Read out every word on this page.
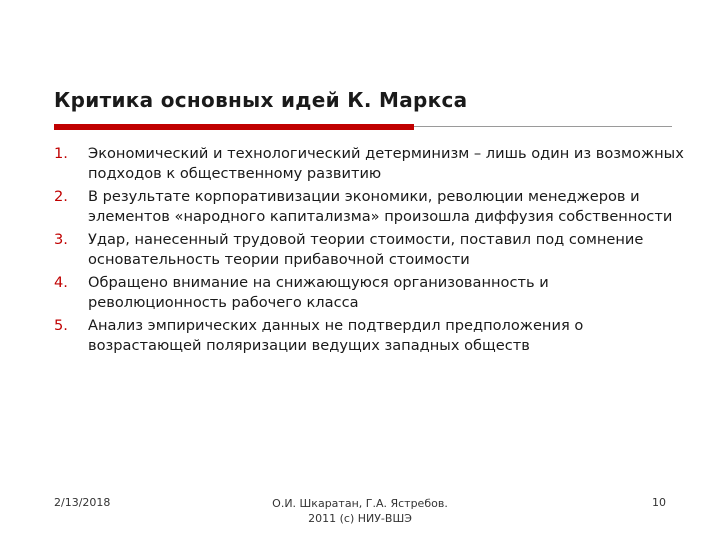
Критика основных идей К. Маркса
1.	Экономический и технологический детерминизм – лишь один из возможных подходов к общественному развитию
2.	В результате корпоративизации экономики, революции менеджеров и элементов «народного капитализма» произошла диффузия собственности
3.	Удар, нанесенный трудовой теории стоимости, поставил под сомнение основательность теории прибавочной стоимости
4.	Обращено внимание на снижающуюся организованность и революционность рабочего класса
5.	Анализ эмпирических данных не подтвердил предположения о возрастающей поляризации ведущих западных обществ
2/13/2018	О.И. Шкаратан, Г.А. Ястребов.
2011 (c) НИУ-ВШЭ
10
